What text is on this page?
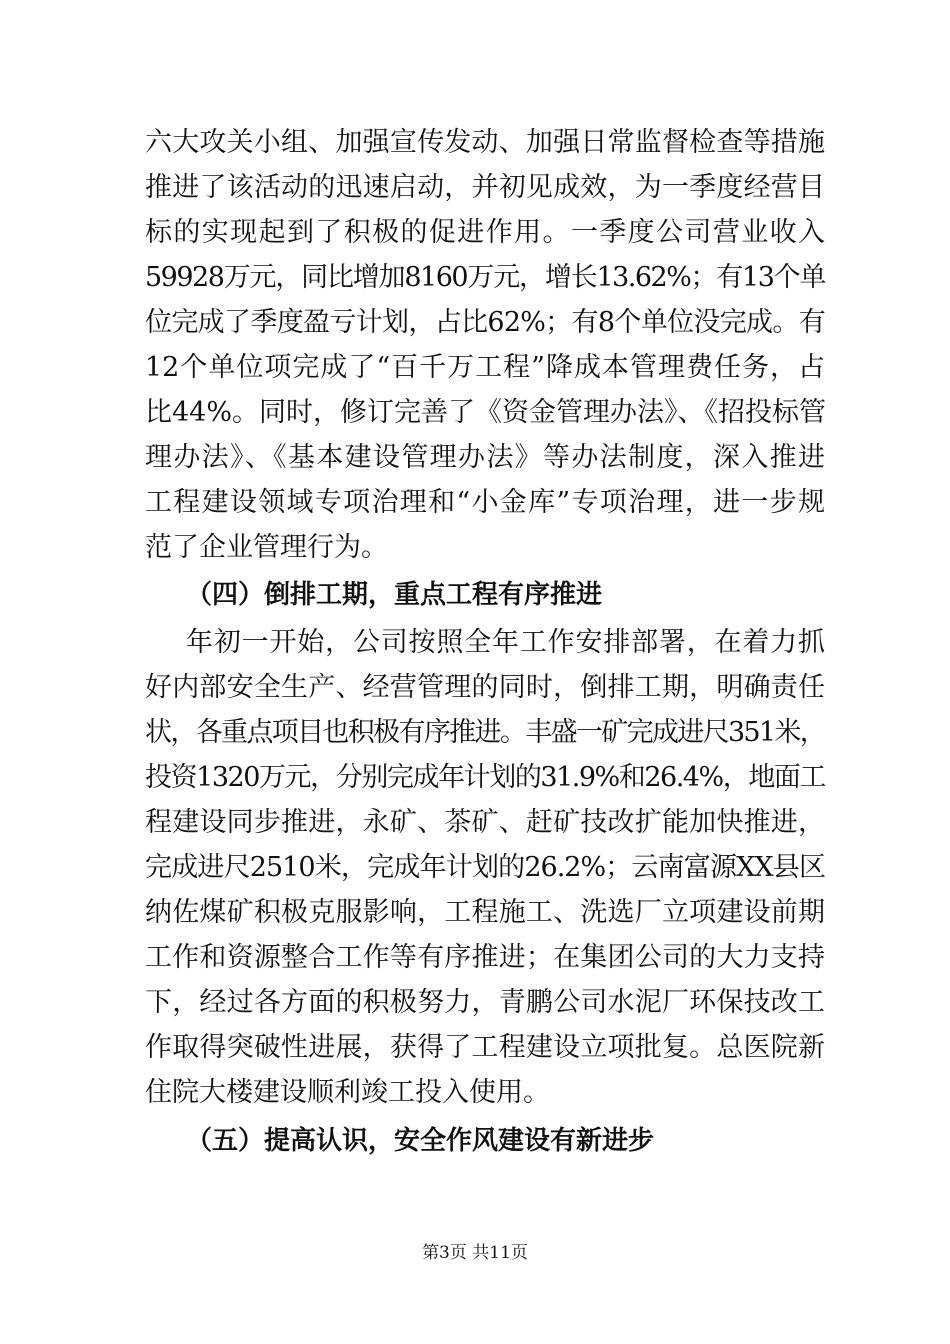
六大攻关小组、加强宣传发动、加强日常监督检查等措施
推进了该活动的迅速启动，并初见成效，为一季度经营目
标的实现起到了积极的促进作用。一季度公司营业收入
59928万元，同比增加8160万元，增长13.62%；有13个单
位完成了季度盈亏计划，占比62%；有8个单位没完成。有
12个单位项完成了“百千万工程”降成本管理费任务，占
比44%。同时，修订完善了《资金管理办法》、《招投标管
理办法》、《基本建设管理办法》等办法制度，深入推进
工程建设领域专项治理和“小金库”专项治理，进一步规
范了企业管理行为。
（四）倒排工期，重点工程有序推进
年初一开始，公司按照全年工作安排部署，在着力抓
好内部安全生产、经营管理的同时，倒排工期，明确责任
状，各重点项目也积极有序推进。丰盛一矿完成进尺351米，
投资1320万元，分别完成年计划的31.9%和26.4%，地面工
程建设同步推进，永矿、茶矿、赶矿技改扩能加快推进，
完成进尺2510米，完成年计划的26.2%；云南富源XX县区
纳佐煤矿积极克服影响，工程施工、洗选厂立项建设前期
工作和资源整合工作等有序推进；在集团公司的大力支持
下，经过各方面的积极努力，青鹏公司水泥厂环保技改工
作取得突破性进展，获得了工程建设立项批复。总医院新
住院大楼建设顺利竣工投入使用。
（五）提高认识，安全作风建设有新进步
第3页 共11页
